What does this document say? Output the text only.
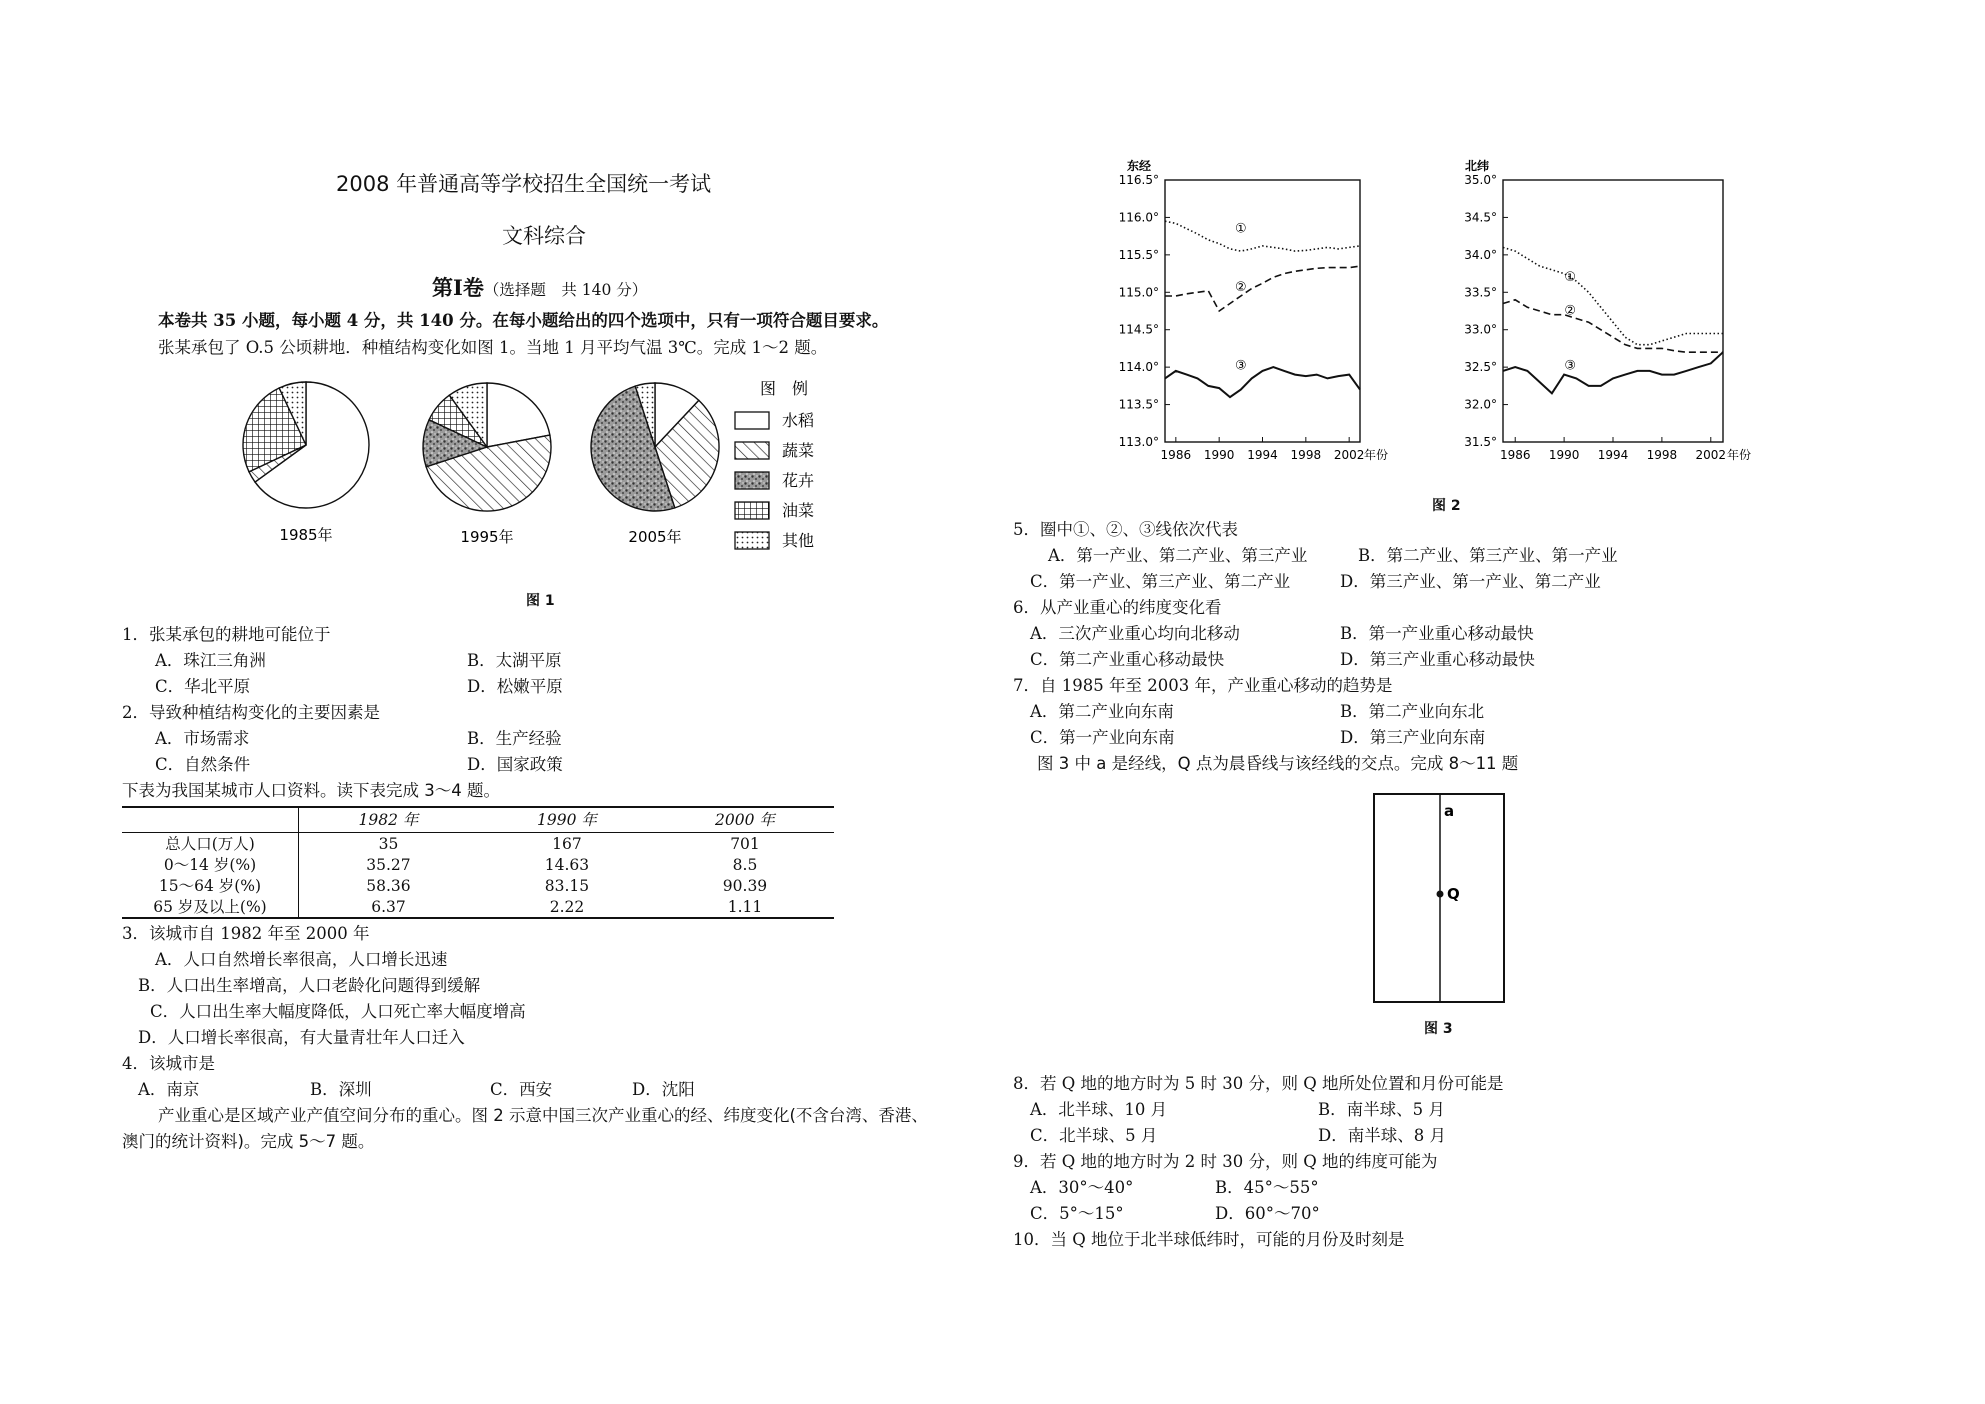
2008 年普通高等学校招生全国统一考试
文科综合
第Ⅰ卷（选择题　共 140 分）
本卷共 35 小题，每小题 4 分，共 140 分。在每小题给出的四个选项中，只有一项符合题目要求。
张某承包了 O.5 公顷耕地．种植结构变化如图 1。当地 1 月平均气温 3℃。完成 1～2 题。
1985年	1995年	2005年
图　例
水稻
蔬菜
花卉
油菜
其他
图 1
1．张某承包的耕地可能位于
A．珠江三角洲	B．太湖平原
C．华北平原	D．松嫩平原
2．导致种植结构变化的主要因素是
A．市场需求	B．生产经验
C．自然条件	D．国家政策
下表为我国某城市人口资料。读下表完成 3～4 题。
	1982 年	1990 年	2000 年
总人口(万人)	35	167	701
0～14 岁(%)	35.27	14.63	8.5
15～64 岁(%)	58.36	83.15	90.39
65 岁及以上(%)	6.37	2.22	1.11
3．该城市自 1982 年至 2000 年
A．人口自然增长率很高，人口增长迅速
B．人口出生率增高，人口老龄化问题得到缓解
C．人口出生率大幅度降低，人口死亡率大幅度增高
D．人口增长率很高，有大量青壮年人口迁入
4．该城市是
A．南京	B．深圳	C．西安	D．沈阳
产业重心是区域产业产值空间分布的重心。图 2 示意中国三次产业重心的经、纬度变化(不含台湾、香港、
澳门的统计资料)。完成 5～7 题。
东经
113.0°
113.5°
114.0°
114.5°
115.0°
115.5°
116.0°
116.5°
1986 1990 1994 1998 2002 年份
①
②
③
北纬
31.5°
32.0°
32.5°
33.0°
33.5°
34.0°
34.5°
35.0°
1986 1990 1994 1998 2002 年份
①
②
③
图 2
5．圈中①、②、③线依次代表
A．第一产业、第二产业、第三产业	B．第二产业、第三产业、第一产业
C．第一产业、第三产业、第二产业	D．第三产业、第一产业、第二产业
6．从产业重心的纬度变化看
A．三次产业重心均向北移动	B．第一产业重心移动最快
C．第二产业重心移动最快	D．第三产业重心移动最快
7．自 1985 年至 2003 年，产业重心移动的趋势是
A．第二产业向东南	B．第二产业向东北
C．第一产业向东南	D．第三产业向东南
图 3 中 a 是经线，Q 点为晨昏线与该经线的交点。完成 8～11 题
a
Q
图 3
8．若 Q 地的地方时为 5 时 30 分，则 Q 地所处位置和月份可能是
A．北半球、10 月	B．南半球、5 月
C．北半球、5 月	D．南半球、8 月
9．若 Q 地的地方时为 2 时 30 分，则 Q 地的纬度可能为
A．30°～40°	B．45°～55°
C．5°～15°	D．60°～70°
10．当 Q 地位于北半球低纬时，可能的月份及时刻是
